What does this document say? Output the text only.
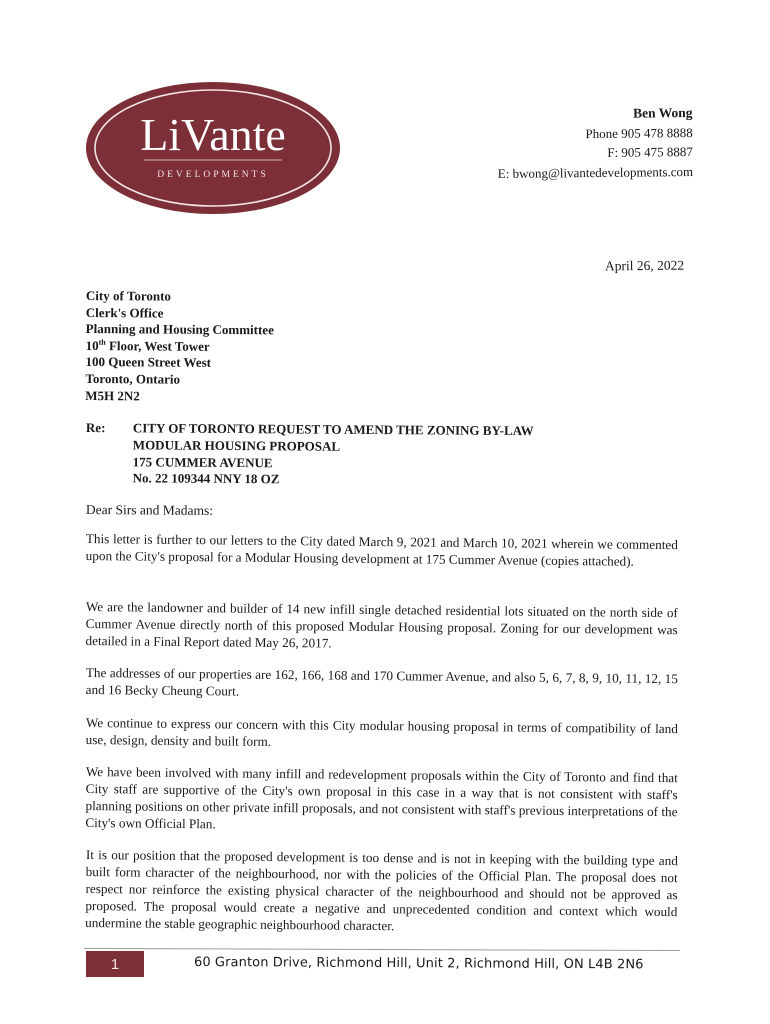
LiVante
DEVELOPMENTS
Ben Wong
Phone 905 478 8888
F: 905 475 8887
E: bwong@livantedevelopments.com
April 26, 2022
City of Toronto
Clerk's Office
Planning and Housing Committee
10th Floor, West Tower
100 Queen Street West
Toronto, Ontario
M5H 2N2
Re: CITY OF TORONTO REQUEST TO AMEND THE ZONING BY-LAW
MODULAR HOUSING PROPOSAL
175 CUMMER AVENUE
No. 22 109344 NNY 18 OZ
Dear Sirs and Madams:

This letter is further to our letters to the City dated March 9, 2021 and March 10, 2021 wherein we commented upon the City's proposal for a Modular Housing development at 175 Cummer Avenue (copies attached).

We are the landowner and builder of 14 new infill single detached residential lots situated on the north side of Cummer Avenue directly north of this proposed Modular Housing proposal. Zoning for our development was detailed in a Final Report dated May 26, 2017.

The addresses of our properties are 162, 166, 168 and 170 Cummer Avenue, and also 5, 6, 7, 8, 9, 10, 11, 12, 15 and 16 Becky Cheung Court.

We continue to express our concern with this City modular housing proposal in terms of compatibility of land use, design, density and built form.

We have been involved with many infill and redevelopment proposals within the City of Toronto and find that City staff are supportive of the City's own proposal in this case in a way that is not consistent with staff's planning positions on other private infill proposals, and not consistent with staff's previous interpretations of the City's own Official Plan.

It is our position that the proposed development is too dense and is not in keeping with the building type and built form character of the neighbourhood, nor with the policies of the Official Plan. The proposal does not respect nor reinforce the existing physical character of the neighbourhood and should not be approved as proposed. The proposal would create a negative and unprecedented condition and context which would undermine the stable geographic neighbourhood character.

1	60 Granton Drive, Richmond Hill, Unit 2, Richmond Hill, ON L4B 2N6
